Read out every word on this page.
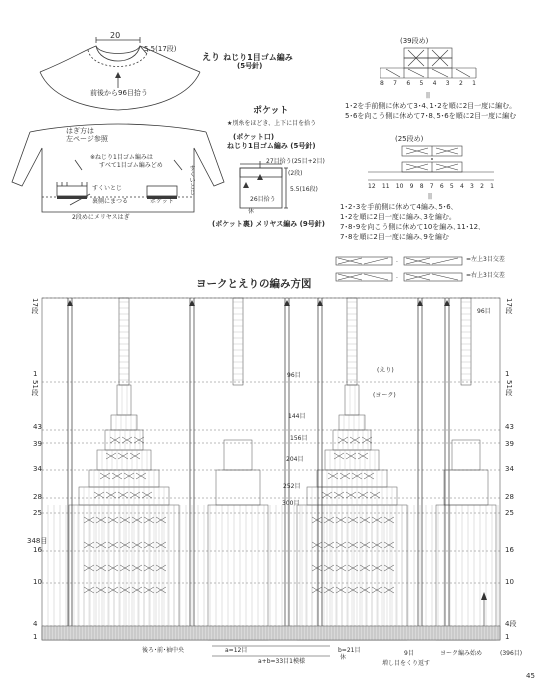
20
5.5(17段)
えり ねじり1目ゴム編み
(5号針)
前後から96目拾う
はぎ方は
左ページ参照
※ねじり1目ゴム編みは
すべて1目ゴム編みどめ	すくいとじ
すくいとじ
裏側にまつる	ポケット
2段めにメリヤスはぎ
ポケット
★別糸をほどき、上下に目を拾う
(ポケット口)
ねじり1目ゴム編み (5号針)
27目拾う(25目+2目)
(2段)
5.5(16段)
26目拾う
休
(ポケット裏) メリヤス編み (9号針)
(39段め)
8 7 6 5 4 3 2 1
||
1･2を手前側に休めて3･4､1･2を順に2目一度に編む。
5･6を向こう側に休めて7･8､5･6を順に2目一度に編む
(25段め)
12 11 10 9 8 7 6 5 4 3 2 1
||
1･2･3を手前側に休めて4編み､5･6､
1･2を順に2目一度に編み､3を編む。
7･8･9を向こう側に休めて10を編み､11･12､
7･8を順に2目一度に編み､9を編む
·
·
=左上3目交差
=右上3目交差
ヨークとえりの編み方図
17段
1
51段
43
39
34
28
25
348目
16
10
4
1
17段
1
51段
43
39
34
28
25
16
10
4段
1
96目
96目
144目
156目
204目
252目
300目
(えり)
(ヨーク)
休
後ろ･前･袖中央	a=12目
a+b=33目1模様
b=21目	9目
増し目をくり返す
ヨーク編み始め	(396目)
45
